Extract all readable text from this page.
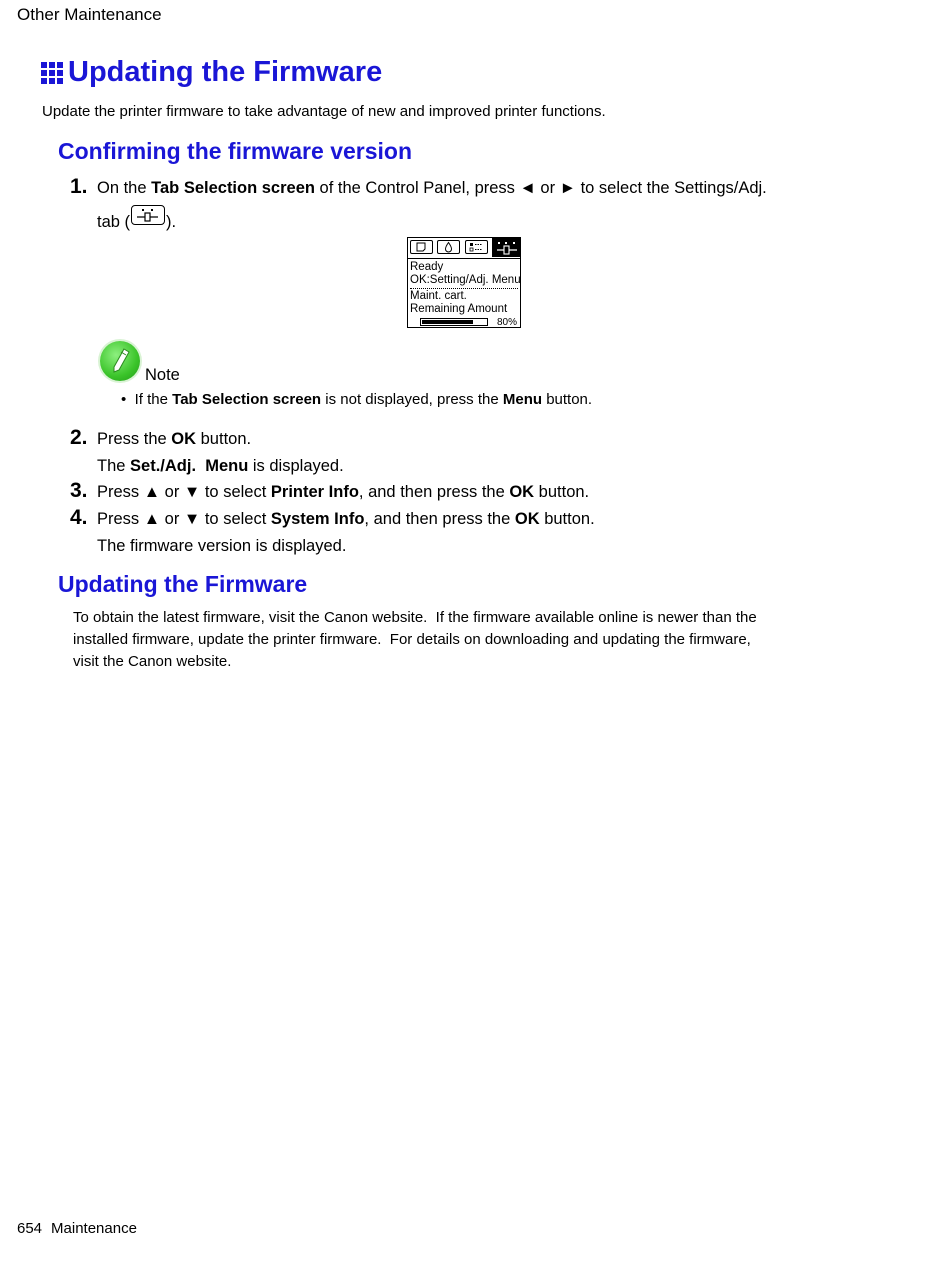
Other Maintenance
Updating the Firmware
Update the printer firmware to take advantage of new and improved printer functions.
Confirming the firmware version
1. On the Tab Selection screen of the Control Panel, press ◄ or ► to select the Settings/Adj.
tab ( ).
Ready
OK:Setting/Adj. Menu
Maint. cart.
Remaining Amount
80%
Note
• If the Tab Selection screen is not displayed, press the Menu button.
2. Press the OK button.
The Set./Adj.  Menu is displayed.
3. Press ▲ or ▼ to select Printer Info, and then press the OK button.
4. Press ▲ or ▼ to select System Info, and then press the OK button.
The firmware version is displayed.
Updating the Firmware
To obtain the latest firmware, visit the Canon website.  If the firmware available online is newer than the
installed firmware, update the printer firmware.  For details on downloading and updating the firmware,
visit the Canon website.
654 Maintenance
